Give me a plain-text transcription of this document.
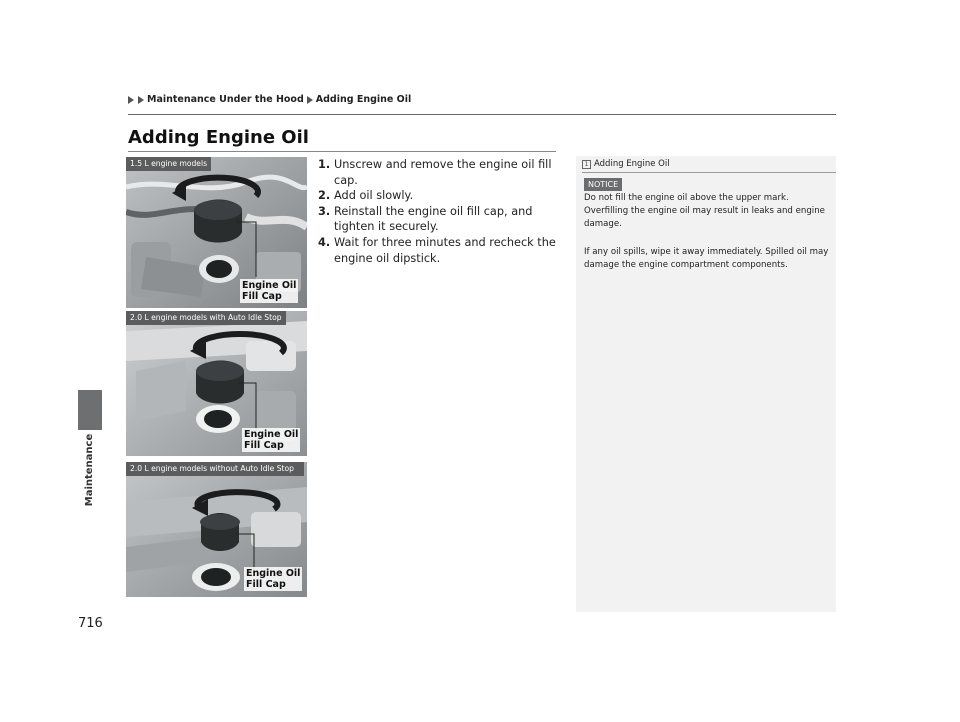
Maintenance
Maintenance Under the Hood Adding Engine Oil
Adding Engine Oil
1. Unscrew and remove the engine oil fill cap.
2. Add oil slowly.
3. Reinstall the engine oil fill cap, and tighten it securely.
4. Wait for three minutes and recheck the engine oil dipstick.
1.5 L engine models
Engine Oil
Fill Cap
2.0 L engine models with Auto Idle Stop
Engine Oil
Fill Cap
2.0 L engine models without Auto Idle Stop
Engine Oil
Fill Cap
1 Adding Engine Oil
NOTICE
Do not fill the engine oil above the upper mark. Overfilling the engine oil may result in leaks and engine damage.
If any oil spills, wipe it away immediately. Spilled oil may damage the engine compartment components.
716
